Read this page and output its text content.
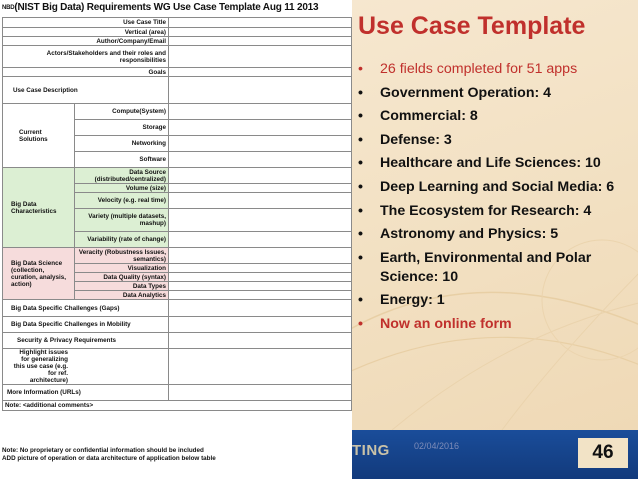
NBD(NIST Big Data) Requirements WG Use Case Template Aug 11 2013
Use Case Title		
Vertical (area)		
Author/Company/Email		
Actors/Stakeholders and their roles and responsibilities		
Goals		
Use Case Description		
Current Solutions	Compute(System)	
	Storage	
	Networking	
	Software	
Big Data Characteristics	Data Source (distributed/centralized)	
	Volume (size)	
	Velocity (e.g. real time)	
	Variety (multiple datasets, mashup)	
	Variability (rate of change)	
Big Data Science (collection, curation, analysis, action)	Veracity (Robustness Issues, semantics)	
	Visualization	
	Data Quality (syntax)	
	Data Types	
	Data Analytics	
Big Data Specific Challenges (Gaps)		
Big Data Specific Challenges in Mobility		
Security & Privacy Requirements		
Highlight issues for generalizing this use case (e.g. for ref. architecture)		
More Information (URLs)		
Note: <additional comments>		
Note: No proprietary or confidential information should be included
ADD picture of operation or data architecture of application below table
Use Case Template
• 26 fields completed for 51 apps
• Government Operation: 4
• Commercial: 8
• Defense: 3
• Healthcare and Life Sciences: 10
• Deep Learning and Social Media: 6
• The Ecosystem for Research: 4
• Astronomy and Physics: 5
• Earth, Environmental and Polar Science: 10
• Energy: 1
• Now an online form
TING	02/04/2016	46
